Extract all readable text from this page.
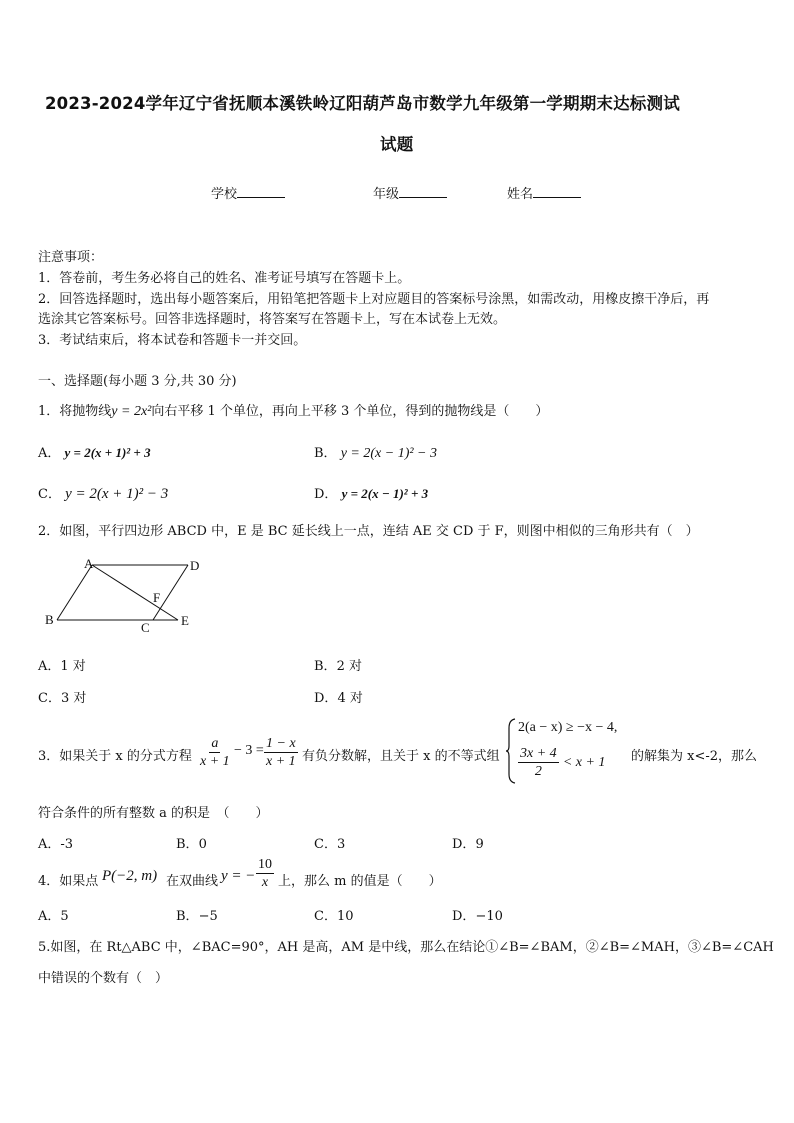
2023-2024学年辽宁省抚顺本溪铁岭辽阳葫芦岛市数学九年级第一学期期末达标测试
试题
学校	年级	姓名
注意事项：
1．答卷前，考生务必将自己的姓名、准考证号填写在答题卡上。
2．回答选择题时，选出每小题答案后，用铅笔把答题卡上对应题目的答案标号涂黑，如需改动，用橡皮擦干净后，再
选涂其它答案标号。回答非选择题时，将答案写在答题卡上，写在本试卷上无效。
3．考试结束后，将本试卷和答题卡一并交回。
一、选择题(每小题 3 分,共 30 分)
1．将抛物线y = 2x²向右平移 1 个单位，再向上平移 3 个单位，得到的抛物线是（　　）
A． y = 2(x + 1)² + 3	B． y = 2(x − 1)² − 3
C． y = 2(x + 1)² − 3	D． y = 2(x − 1)² + 3
2．如图，平行四边形 ABCD 中，E 是 BC 延长线上一点，连结 AE 交 CD 于 F，则图中相似的三角形共有（　）
A	D
B
C E
F
A．1 对	B．2 对
C．3 对	D．4 对
3．如果关于 x 的分式方程 $\frac{a}{x + 1} - 3 = \frac{1 - x}{x + 1}$ 有负分数解，且关于 x 的不等式组
2(a − x) ≥ −x − 4,
$\frac{3x + 4}{2} < x + 1$ 的解集为 x<-2，那么
符合条件的所有整数 a 的积是　（　　）
A．-3	B．0	C．3	D．9
4．如果点 P(−2, m) 在双曲线 y = − $\frac{10}{x}$ 上，那么 m 的值是（　　）
A．5	B．−5	C．10	D．−10
5.如图，在 Rt△ABC 中，∠BAC=90°，AH 是高，AM 是中线，那么在结论①∠B=∠BAM，②∠B=∠MAH，③∠B=∠CAH
中错误的个数有（　）
